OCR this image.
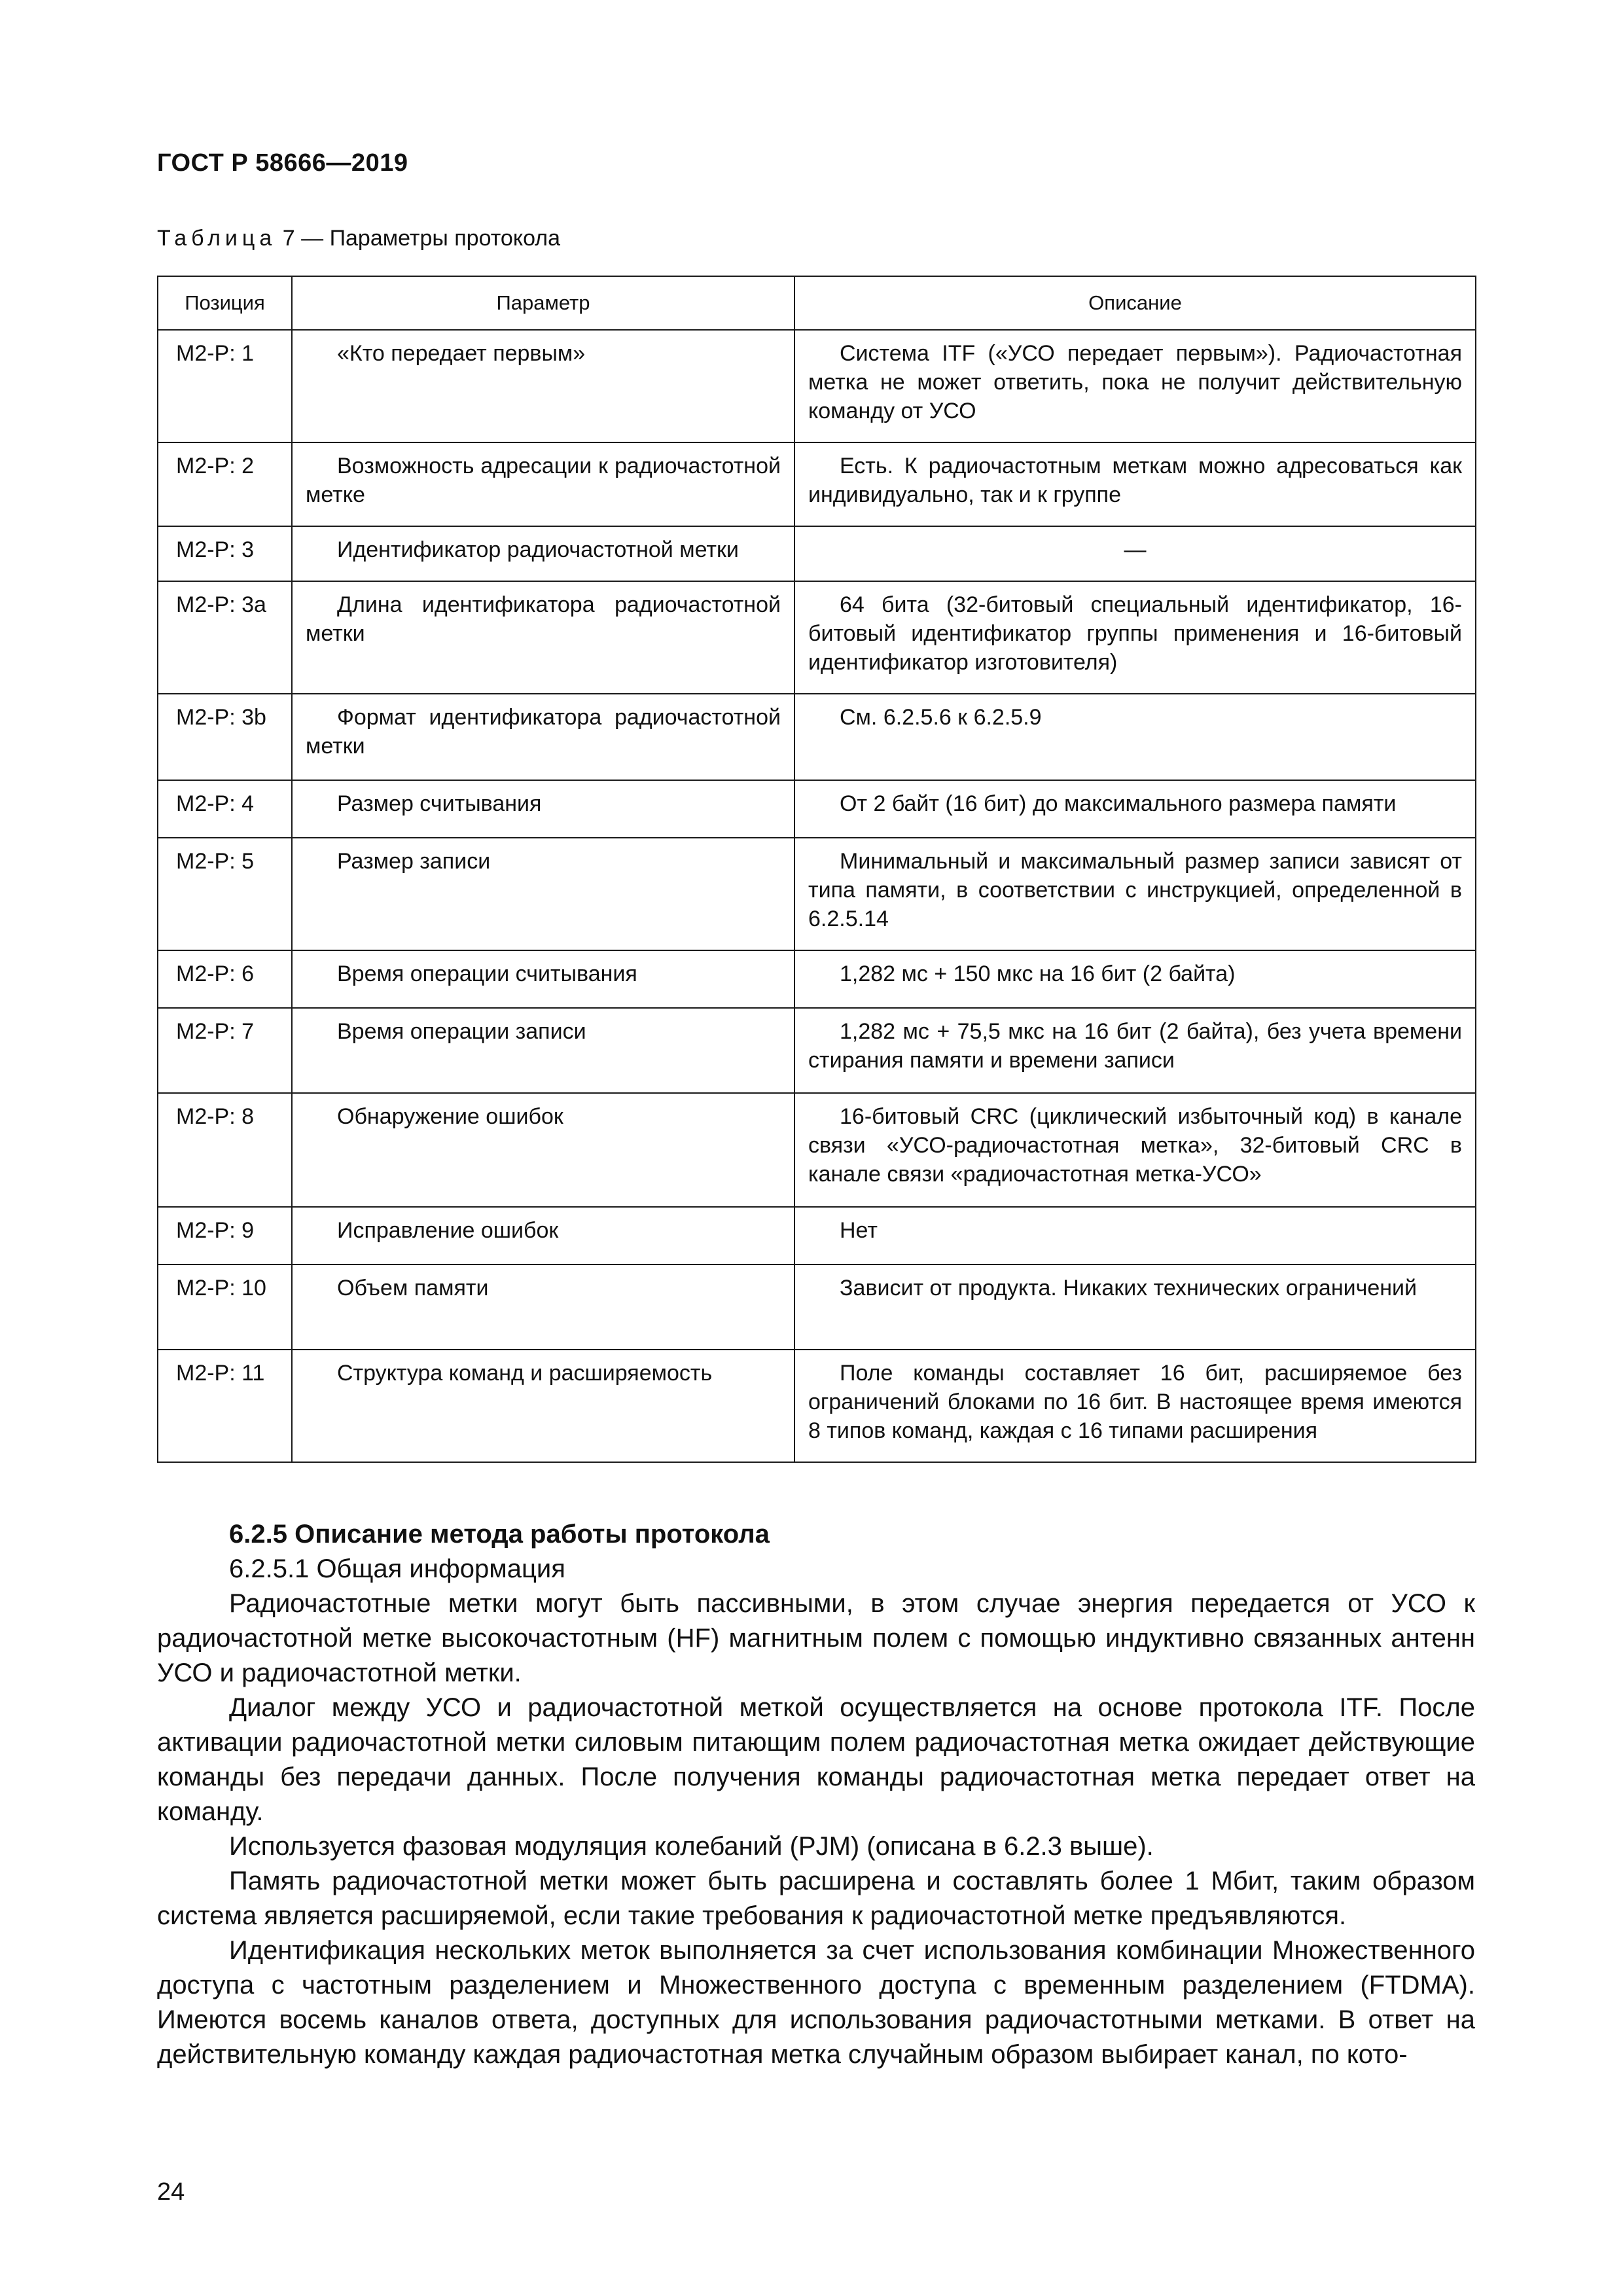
ГОСТ Р 58666—2019
Таблица 7 — Параметры протокола
Позиция	Параметр	Описание
M2-P: 1	«Кто передает первым»	Система ITF («УСО передает первым»). Радиочастотная метка не может ответить, пока не получит действительную команду от УСО
M2-P: 2	Возможность адресации к радиочастотной метке	Есть. К радиочастотным меткам можно адресоваться как индивидуально, так и к группе
M2-P: 3	Идентификатор радиочастотной метки	—
M2-P: 3a	Длина идентификатора радиочастотной метки	64 бита (32-битовый специальный идентификатор, 16-битовый идентификатор группы применения и 16-битовый идентификатор изготовителя)
M2-P: 3b	Формат идентификатора радиочастотной метки	См. 6.2.5.6 к 6.2.5.9
M2-P: 4	Размер считывания	От 2 байт (16 бит) до максимального размера памяти
M2-P: 5	Размер записи	Минимальный и максимальный размер записи зависят от типа памяти, в соответствии с инструкцией, определенной в 6.2.5.14
M2-P: 6	Время операции считывания	1,282 мс + 150 мкс на 16 бит (2 байта)
M2-P: 7	Время операции записи	1,282 мс + 75,5 мкс на 16 бит (2 байта), без учета времени стирания памяти и времени записи
M2-P: 8	Обнаружение ошибок	16-битовый CRC (циклический избыточный код) в канале связи «УСО-радиочастотная метка», 32-битовый CRC в канале связи «радиочастотная метка-УСО»
M2-P: 9	Исправление ошибок	Нет
M2-P: 10	Объем памяти	Зависит от продукта. Никаких технических ограничений
M2-P: 11	Структура команд и расширяемость	Поле команды составляет 16 бит, расширяемое без ограничений блоками по 16 бит. В настоящее время имеются 8 типов команд, каждая с 16 типами расширения

6.2.5 Описание метода работы протокола

6.2.5.1 Общая информация

Радиочастотные метки могут быть пассивными, в этом случае энергия передается от УСО к радиочастотной метке высокочастотным (HF) магнитным полем с помощью индуктивно связанных антенн УСО и радиочастотной метки.

Диалог между УСО и радиочастотной меткой осуществляется на основе протокола ITF. После активации радиочастотной метки силовым питающим полем радиочастотная метка ожидает действующие команды без передачи данных. После получения команды радиочастотная метка передает ответ на команду.

Используется фазовая модуляция колебаний (PJM) (описана в 6.2.3 выше).

Память радиочастотной метки может быть расширена и составлять более 1 Мбит, таким образом система является расширяемой, если такие требования к радиочастотной метке предъявляются.

Идентификация нескольких меток выполняется за счет использования комбинации Множественного доступа с частотным разделением и Множественного доступа с временным разделением (FTDMA). Имеются восемь каналов ответа, доступных для использования радиочастотными метками. В ответ на действительную команду каждая радиочастотная метка случайным образом выбирает канал, по кото-

24
